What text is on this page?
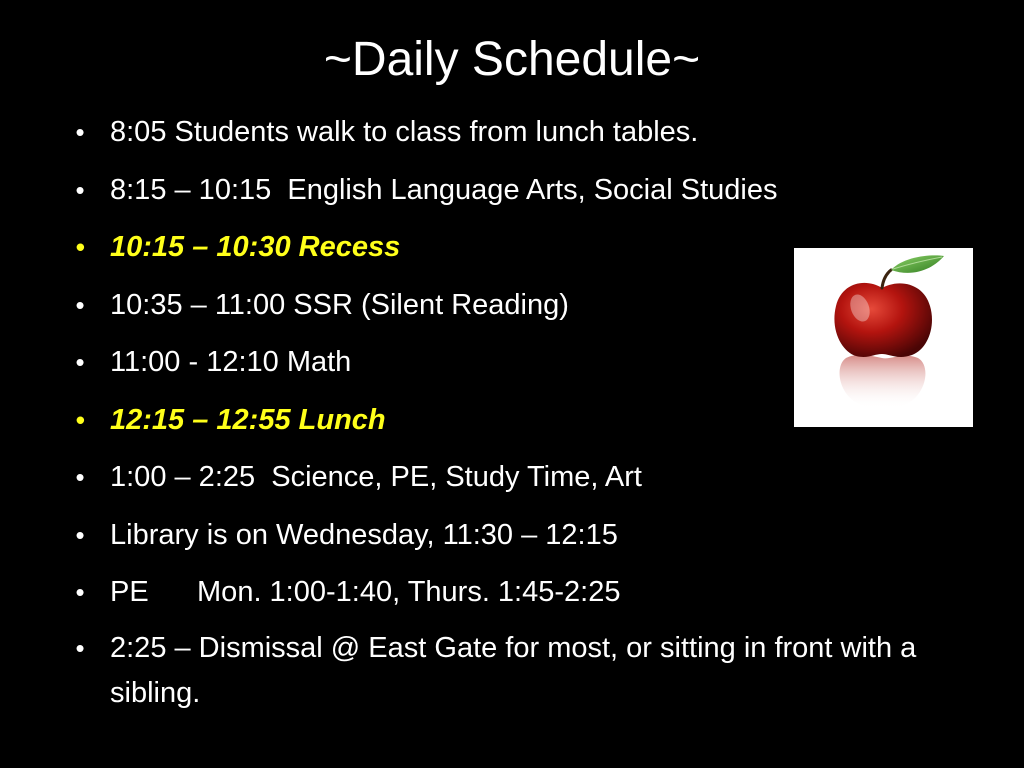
~Daily Schedule~
• 8:05 Students walk to class from lunch tables.
• 8:15 – 10:15  English Language Arts, Social Studies
• 10:15 – 10:30 Recess
• 10:35 – 11:00 SSR (Silent Reading)
• 11:00 - 12:10 Math
• 12:15 – 12:55 Lunch
• 1:00 – 2:25  Science, PE, Study Time, Art
• Library is on Wednesday, 11:30 – 12:15
• PE      Mon. 1:00-1:40, Thurs. 1:45-2:25
• 2:25 – Dismissal @ East Gate for most, or sitting in front with a sibling.
